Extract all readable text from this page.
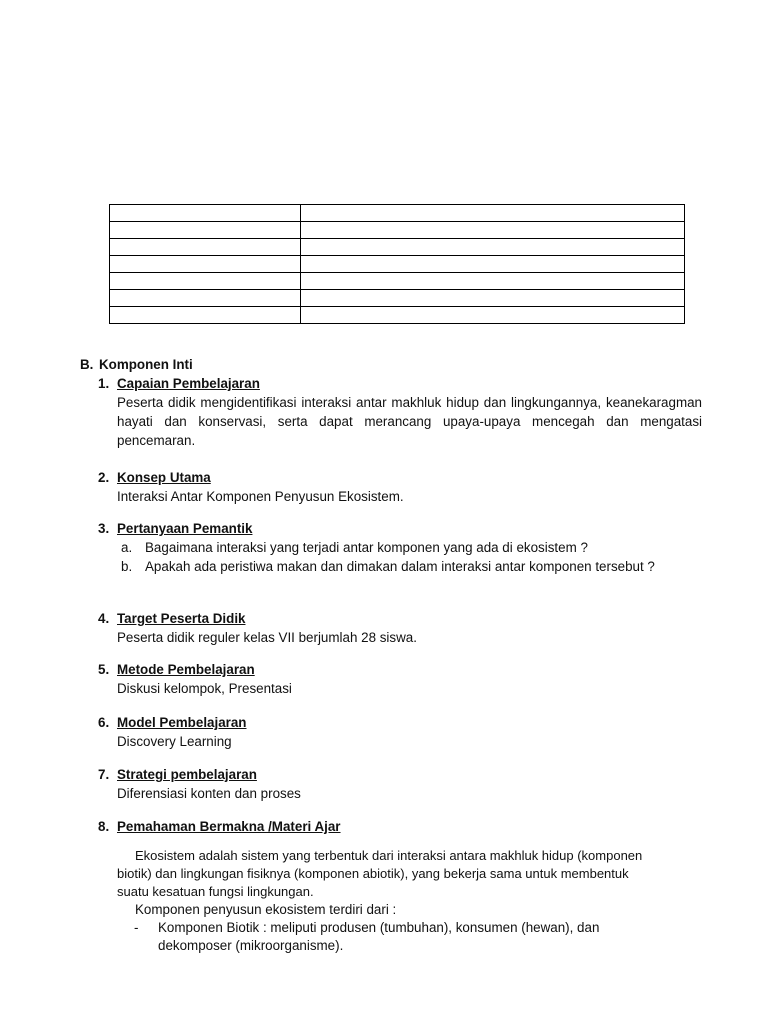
B. Komponen Inti
1. Capaian Pembelajaran
Peserta didik mengidentifikasi interaksi antar makhluk hidup dan lingkungannya, keanekaragman hayati dan konservasi, serta dapat merancang upaya-upaya mencegah dan mengatasi pencemaran.
2. Konsep Utama
Interaksi Antar Komponen Penyusun Ekosistem.
3. Pertanyaan Pemantik
a. Bagaimana interaksi yang terjadi antar komponen yang ada di ekosistem ?
b. Apakah ada peristiwa makan dan dimakan dalam interaksi antar komponen tersebut ?
4. Target Peserta Didik
Peserta didik reguler kelas VII berjumlah 28 siswa.
5. Metode Pembelajaran
Diskusi kelompok, Presentasi
6. Model Pembelajaran
Discovery Learning
7. Strategi pembelajaran
Diferensiasi konten dan proses
8. Pemahaman Bermakna /Materi Ajar
Ekosistem adalah sistem yang terbentuk dari interaksi antara makhluk hidup (komponen
biotik) dan lingkungan fisiknya (komponen abiotik), yang bekerja sama untuk membentuk
suatu kesatuan fungsi lingkungan.
Komponen penyusun ekosistem terdiri dari :
- Komponen Biotik : meliputi produsen (tumbuhan), konsumen (hewan), dan
dekomposer (mikroorganisme).
